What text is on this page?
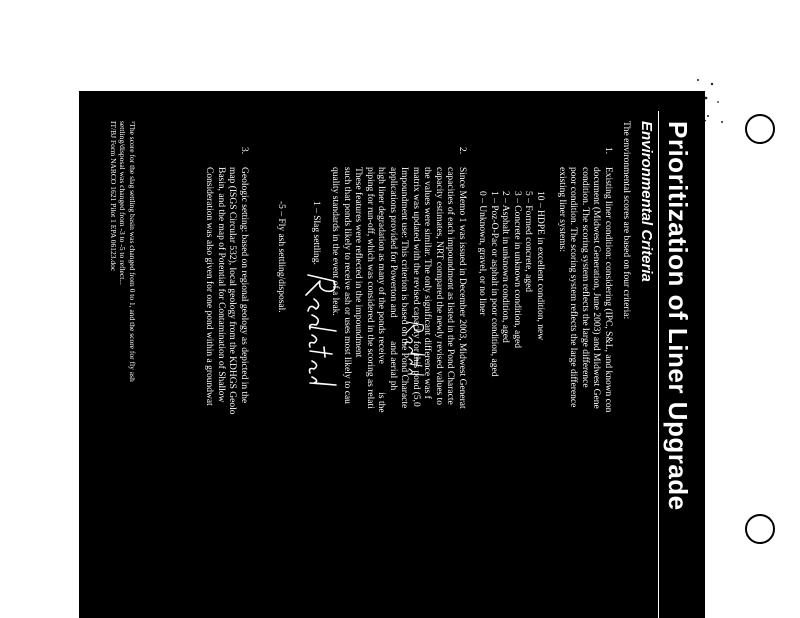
Prioritization of Liner Upgrade
Environmental Criteria
The environmental scores are based on four criteria:
1.
Existing liner condition: considering (IPC, S&L, and known con
document (Midwest Generation, June 2003) and Midwest Gene
condition. The scoring system reflects the large difference
poor condition. The scoring system reflects the large difference
existing liner systems:
10 – HDPE in excellent condition, new
5 – Formed concrete, aged
3 – Concrete in unknown condition, aged
2 – Asphalt in unknown condition, aged
1 – Poz-O-Pac or asphalt in poor condition, aged
0 – Unknown, gravel, or no liner
2.
Since Memo 1 was issued in December 2003, Midwest Generat
capacities of each impoundment as listed in the Pond Characte
capacity estimates, NRT compared the newly revised values to
the values were similar. The only significant difference was f
matrix was updated with the revised capacity for this pond (5,0
Impoundment use: This criterion is based on the Pond Characte
applications provided for Powerton and          and aerial ph
high liner degradation as many of the ponds receive            is the
piping for run-off, which was considered in the scoring as relati
These features were reflected in the impoundment
such that ponds likely to receive ash or uses most likely to cau
quality standards in the event of a leak.
1 – Slag settling.

-5 – Fly ash settling/disposal.
3.
Geologic setting: based on regional geology as depicted in the
map (ISGS Circular 532), local geology from the KDHGS Geolo
Basin, and the map of Potential for Contamination of Shallow
Consideration was also given for one pond within a groundwat
¹The score for the slag settling basin was changed from 0 to 1, and the score for fly ash
settling/disposal was changed from -3 to -5 to reflect...
IT/BJ Form NARCO 1621 Pilot 1 EPA 06123.doc
